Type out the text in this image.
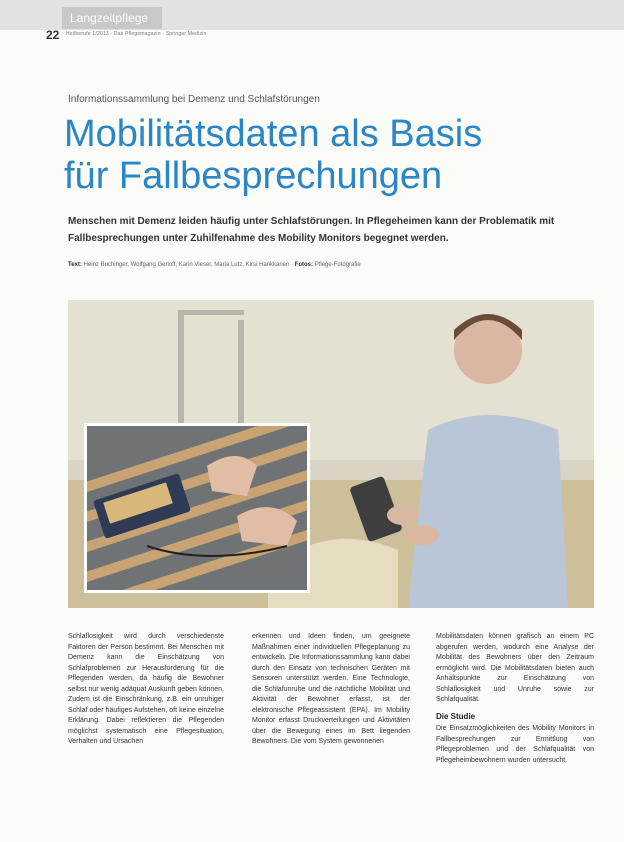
Langzeitpflege
22 Heilberufe 1/2013 · Das Pflegemagazin · Springer Medizin
Informationssammlung bei Demenz und Schlafstörungen
Mobilitätsdaten als Basis
für Fallbesprechungen
Menschen mit Demenz leiden häufig unter Schlafstörungen. In Pflegeheimen kann der Problematik mit Fallbesprechungen unter Zuhilfenahme des Mobility Monitors begegnet werden.
Text: Heinz Buchinger, Wolfgang Gerloff, Karin Vieser, Maria Lutz, Kirsi Hankkanen · Fotos: Pflege-Fotografie
Schlaflosigkeit wird durch verschiedenste Faktoren der Person bestimmt. Bei Menschen mit Demenz kann die Einschätzung von Schlafproblemen zur Herausforderung für die Pflegenden werden, da häufig die Bewohner selbst nur wenig adäquat Auskunft geben können. Zudem ist die Einschränkung, z.B. ein unruhiger Schlaf oder häufiges Aufstehen, oft keine einzelne Erklärung. Dabei reflektieren die Pflegenden möglichst systematisch eine Pflegesituation, Verhalten und Ursachen
erkennen und Ideen finden, um geeignete Maßnahmen einer individuellen Pflegeplanung zu entwickeln. Die Informationssammlung kann dabei durch den Einsatz von technischen Geräten mit Sensoren unterstützt werden. Eine Technologie, die Schlafunruhe und die nächtliche Mobilität und Aktivität der Bewohner erfasst, ist der elektronische Pflegeassistent (EPA). Im Mobility Monitor erfasst Druckverteilungen und Aktivitäten über die Bewegung eines im Bett liegenden Bewohners. Die vom System gewonnenen
Mobilitätsdaten können grafisch an einem PC abgerufen werden, wodurch eine Analyse der Mobilität des Bewohners über den Zeitraum ermöglicht wird. Die Mobilitätsdaten bieten auch Anhaltspunkte zur Einschätzung von Schlaflosigkeit und Unruhe sowie zur Schlafqualität.
Die Studie
Die Einsatzmöglichkeiten des Mobility Monitors in Fallbesprechungen zur Ermittlung von Pflegeproblemen und der Schlafqualität von Pflegeheimbewohnern wurden untersucht.
